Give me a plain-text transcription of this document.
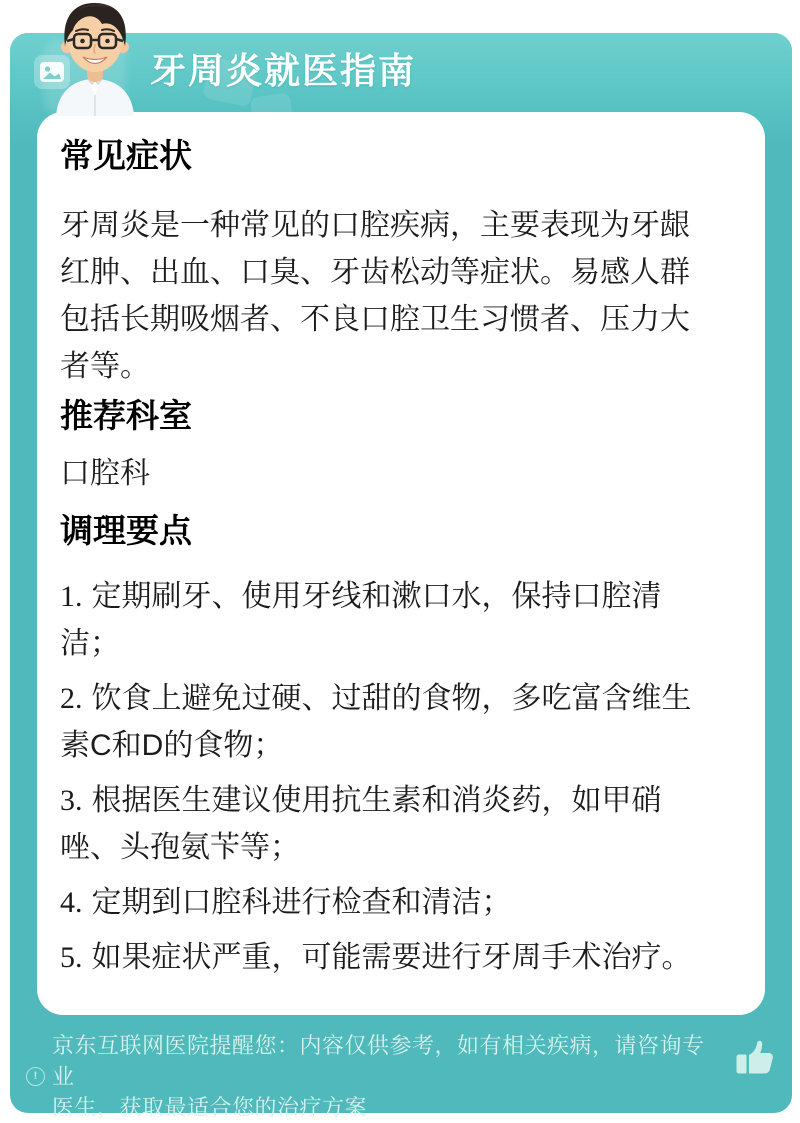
牙周炎就医指南
常见症状
牙周炎是一种常见的口腔疾病，主要表现为牙龈
红肿、出血、口臭、牙齿松动等症状。易感人群
包括长期吸烟者、不良口腔卫生习惯者、压力大
者等。
推荐科室
口腔科
调理要点
1. 定期刷牙、使用牙线和漱口水，保持口腔清
洁；
2. 饮食上避免过硬、过甜的食物，多吃富含维生
素C和D的食物；
3. 根据医生建议使用抗生素和消炎药，如甲硝
唑、头孢氨苄等；
4. 定期到口腔科进行检查和清洁；
5. 如果症状严重，可能需要进行牙周手术治疗。
!
京东互联网医院提醒您：内容仅供参考，如有相关疾病，请咨询专业
医生，获取最适合您的治疗方案
